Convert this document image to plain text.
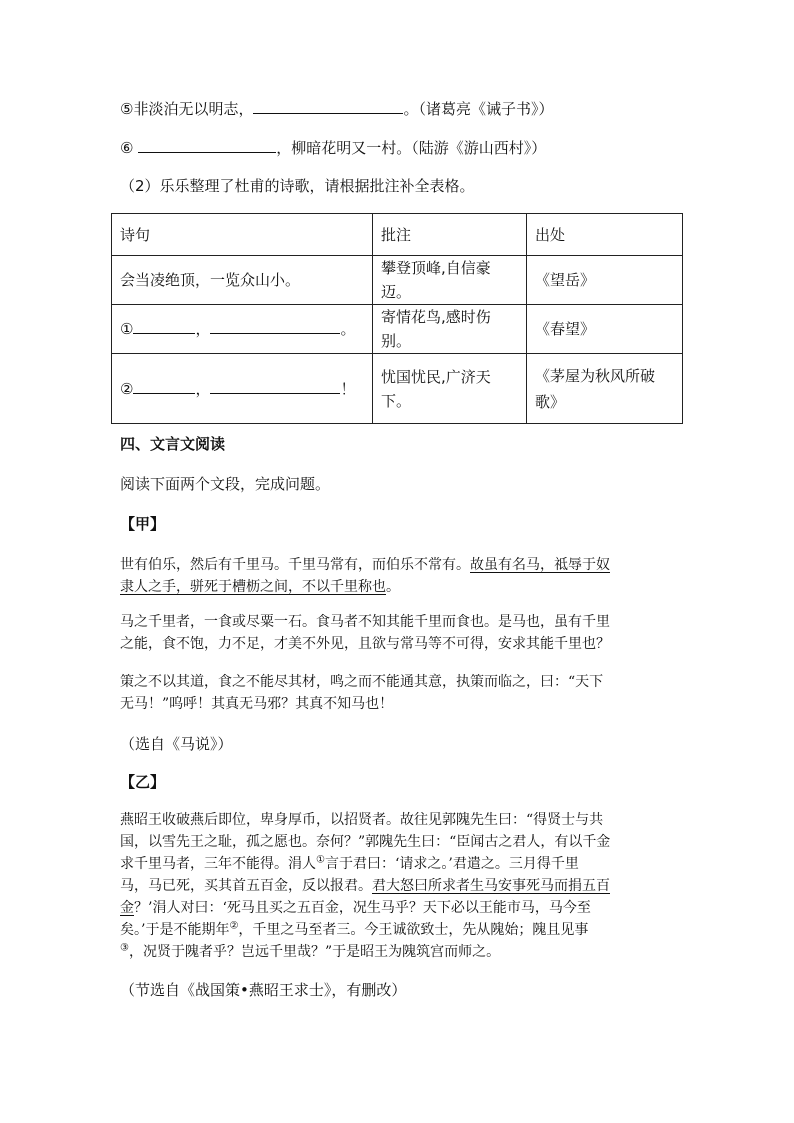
⑤非淡泊无以明志，	。（诸葛亮《诫子书》）
⑥	，柳暗花明又一村。（陆游《游山西村》）
（2）乐乐整理了杜甫的诗歌，请根据批注补全表格。
诗句	批注	出处
会当凌绝顶，一览众山小。	攀登顶峰,自信豪迈。	《望岳》
① ， 。	寄情花鸟,感时伤别。	《春望》
② ， ！	忧国忧民,广济天下。	《茅屋为秋风所破
歌》
四、文言文阅读
阅读下面两个文段，完成问题。
【甲】
世有伯乐，然后有千里马。千里马常有，而伯乐不常有。故虽有名马，祗辱于奴
隶人之手，骈死于槽枥之间，不以千里称也。
马之千里者，一食或尽粟一石。食马者不知其能千里而食也。是马也，虽有千里
之能，食不饱，力不足，才美不外见，且欲与常马等不可得，安求其能千里也？
策之不以其道，食之不能尽其材，鸣之而不能通其意，执策而临之，曰：“天下
无马！”呜呼！其真无马邪？其真不知马也！
（选自《马说》）
【乙】
燕昭王收破燕后即位，卑身厚币，以招贤者。故往见郭隗先生曰：“得贤士与共
国，以雪先王之耻，孤之愿也。奈何？”郭隗先生曰：“臣闻古之君人，有以千金
求千里马者，三年不能得。涓人①言于君曰：‘请求之。’君遣之。三月得千里
马，马已死，买其首五百金，反以报君。君大怒曰所求者生马安事死马而捐五百
金？’涓人对曰：‘死马且买之五百金，况生马乎？天下必以王能市马，马今至
矣。’于是不能期年②，千里之马至者三。今王诚欲致士，先从隗始；隗且见事
③，况贤于隗者乎？岂远千里哉？”于是昭王为隗筑宫而师之。
（节选自《战国策•燕昭王求士》，有删改）
